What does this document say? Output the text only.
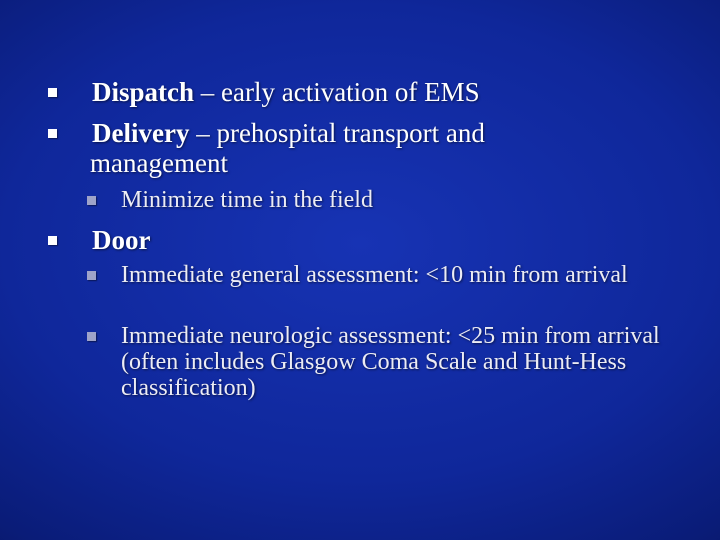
Dispatch – early activation of EMS

Delivery – prehospital transport and
management

Minimize time in the field

Door

Immediate general assessment: <10 min from arrival

Immediate neurologic assessment: <25 min from arrival (often includes Glasgow Coma Scale and Hunt-Hess classification)
